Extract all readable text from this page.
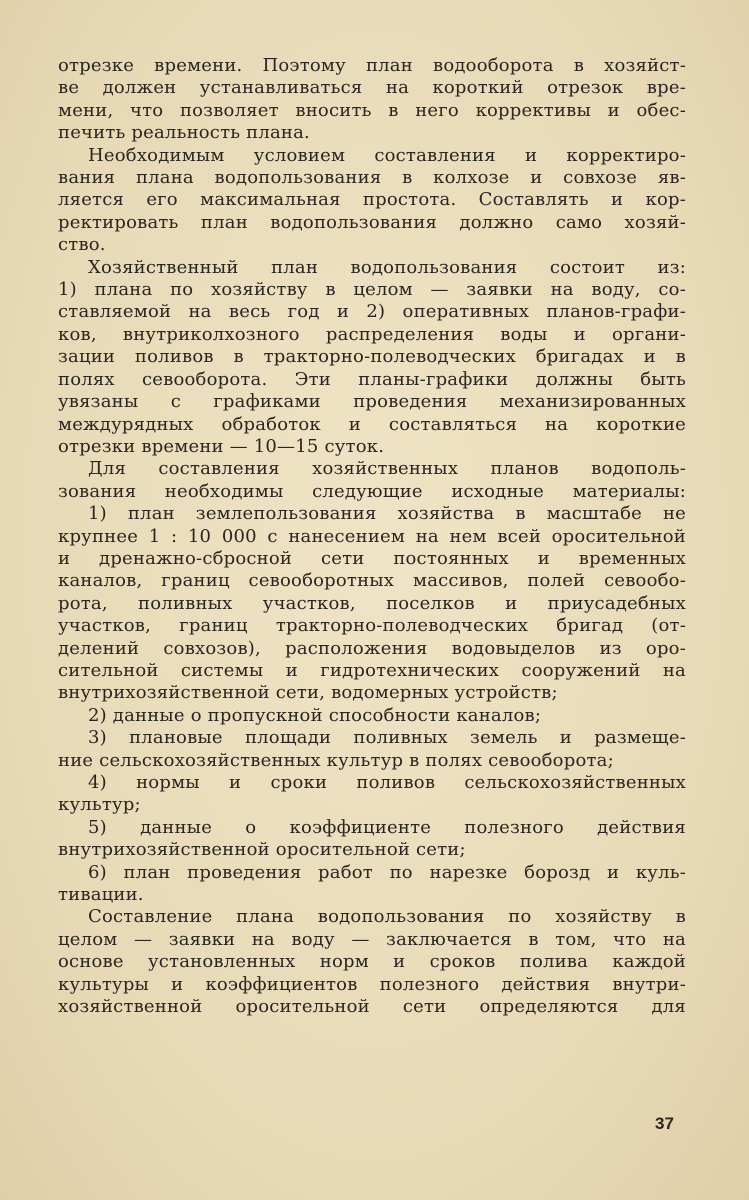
отрезке времени. Поэтому план водооборота в хозяйст-
ве должен устанавливаться на короткий отрезок вре-
мени, что позволяет вносить в него коррективы и обес-
печить реальность плана.

Необходимым условием составления и корректиро-
вания плана водопользования в колхозе и совхозе яв-
ляется его максимальная простота. Составлять и кор-
ректировать план водопользования должно само хозяй-
ство.

Хозяйственный план водопользования состоит из:
1) плана по хозяйству в целом — заявки на воду, со-
ставляемой на весь год и 2) оперативных планов-графи-
ков, внутриколхозного распределения воды и органи-
зации поливов в тракторно-полеводческих бригадах и в
полях севооборота. Эти планы-графики должны быть
увязаны с графиками проведения механизированных
междурядных обработок и составляться на короткие
отрезки времени — 10—15 суток.

Для составления хозяйственных планов водополь-
зования необходимы следующие исходные материалы:

1) план землепользования хозяйства в масштабе не
крупнее 1 : 10 000 с нанесением на нем всей оросительной
и дренажно-сбросной сети постоянных и временных
каналов, границ севооборотных массивов, полей севообо-
рота, поливных участков, поселков и приусадебных
участков, границ тракторно-полеводческих бригад (от-
делений совхозов), расположения водовыделов из оро-
сительной системы и гидротехнических сооружений на
внутрихозяйственной сети, водомерных устройств;

2) данные о пропускной способности каналов;

3) плановые площади поливных земель и размеще-
ние сельскохозяйственных культур в полях севооборота;

4) нормы и сроки поливов сельскохозяйственных
культур;

5) данные о коэффициенте полезного действия
внутрихозяйственной оросительной сети;

6) план проведения работ по нарезке борозд и куль-
тивации.

Составление плана водопользования по хозяйству в
целом — заявки на воду — заключается в том, что на
основе установленных норм и сроков полива каждой
культуры и коэффициентов полезного действия внутри-
хозяйственной оросительной сети определяются для

37
